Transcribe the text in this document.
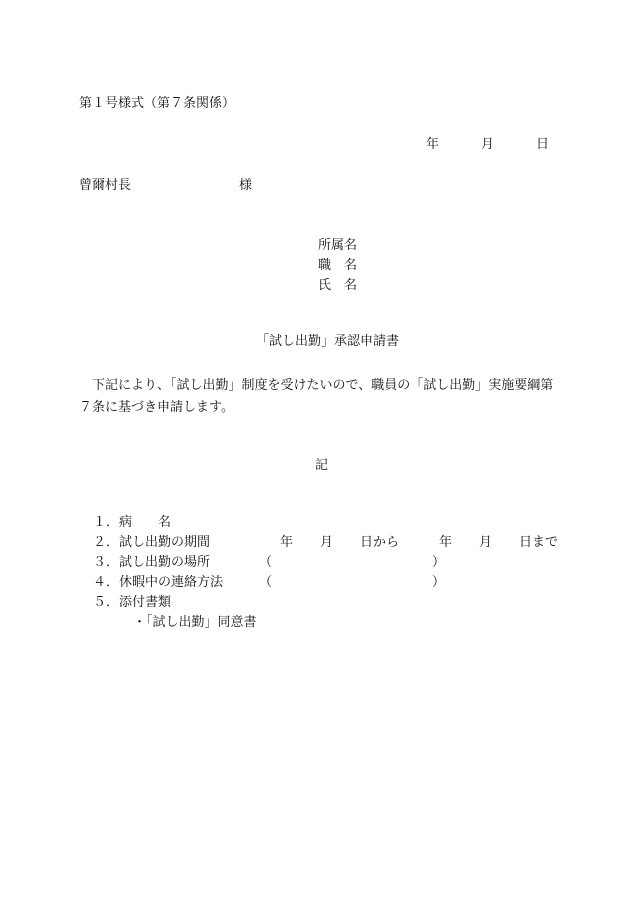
第１号様式（第７条関係）
年	月	日
曾爾村長	様
所属名
職　名
氏　名
「試し出勤」承認申請書
下記により、「試し出勤」制度を受けたいので、職員の「試し出勤」実施要綱第
７条に基づき申請します。
記
１． 病　　名
２． 試し出勤の期間	年 月 日から	年 月 日まで
３． 試し出勤の場所	（	）
４． 休暇中の連絡方法	（	）
５． 添付書類
・「試し出勤」同意書
